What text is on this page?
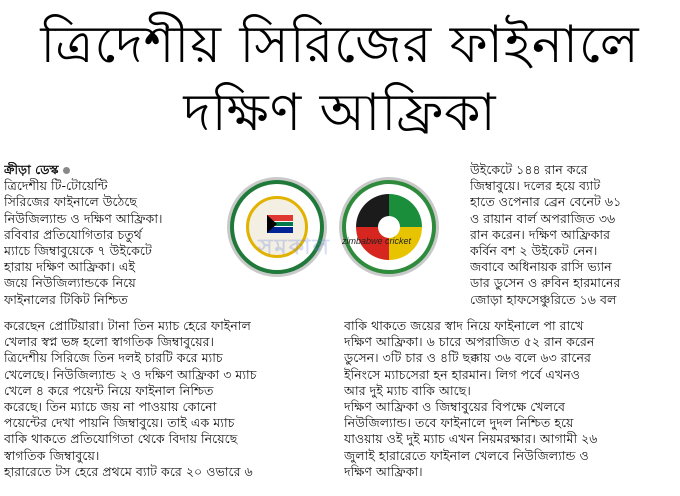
ত্রিদেশীয় সিরিজের ফাইনালে
দক্ষিণ আফ্রিকা

ক্রীড়া ডেস্ক

ত্রিদেশীয় টি-টোয়েন্টি

সিরিজের ফাইনালে উঠেছে

নিউজিল্যান্ড ও দক্ষিণ আফ্রিকা।

রবিবার প্রতিযোগিতার চতুর্থ

ম্যাচে জিম্বাবুয়েকে ৭ উইকেটে

হারায় দক্ষিণ আফ্রিকা। এই

জয়ে নিউজিল্যান্ডকে নিয়ে

ফাইনালের টিকিট নিশ্চিত

zimbabwe cricket
সমকাল

উইকেটে ১৪৪ রান করে

জিম্বাবুয়ে। দলের হয়ে ব্যাট

হাতে ওপেনার ব্রেন বেনেট ৬১

ও রায়ান বার্ল অপরাজিত ৩৬

রান করেন। দক্ষিণ আফ্রিকার

কর্বিন বশ ২ উইকেট নেন।

জবাবে অধিনায়ক রাসি ভ্যান

ডার ডুসেন ও রুবিন হারমানের

জোড়া হাফসেঞ্চুরিতে ১৬ বল

করেছেন প্রোটিয়ারা। টানা তিন ম্যাচ হেরে ফাইনাল

খেলার স্বপ্ন ভঙ্গ হলো স্বাগতিক জিম্বাবুয়ের।

ত্রিদেশীয় সিরিজে তিন দলই চারটি করে ম্যাচ

খেলেছে। নিউজিল্যান্ড ২ ও দক্ষিণ আফ্রিকা ৩ ম্যাচ

খেলে ৪ করে পয়েন্ট নিয়ে ফাইনাল নিশ্চিত

করেছে। তিন ম্যাচে জয় না পাওয়ায় কোনো

পয়েন্টের দেখা পায়নি জিম্বাবুয়ে। তাই এক ম্যাচ

বাকি থাকতে প্রতিযোগিতা থেকে বিদায় নিয়েছে

স্বাগতিক জিম্বাবুয়ে।

হারারেতে টস হেরে প্রথমে ব্যাট করে ২০ ওভারে ৬

বাকি থাকতে জয়ের স্বাদ নিয়ে ফাইনালে পা রাখে

দক্ষিণ আফ্রিকা। ৬ চারে অপরাজিত ৫২ রান করেন

ডুসেন। ৩টি চার ও ৪টি ছক্কায় ৩৬ বলে ৬৩ রানের

ইনিংসে ম্যাচসেরা হন হারমান। লিগ পর্বে এখনও

আর দুই ম্যাচ বাকি আছে।

দক্ষিণ আফ্রিকা ও জিম্বাবুয়ের বিপক্ষে খেলবে

নিউজিল্যান্ড। তবে ফাইনালে দুদল নিশ্চিত হয়ে

যাওয়ায় ওই দুই ম্যাচ এখন নিয়মরক্ষার। আগামী ২৬

জুলাই হারারেতে ফাইনাল খেলবে নিউজিল্যান্ড ও

দক্ষিণ আফ্রিকা।
